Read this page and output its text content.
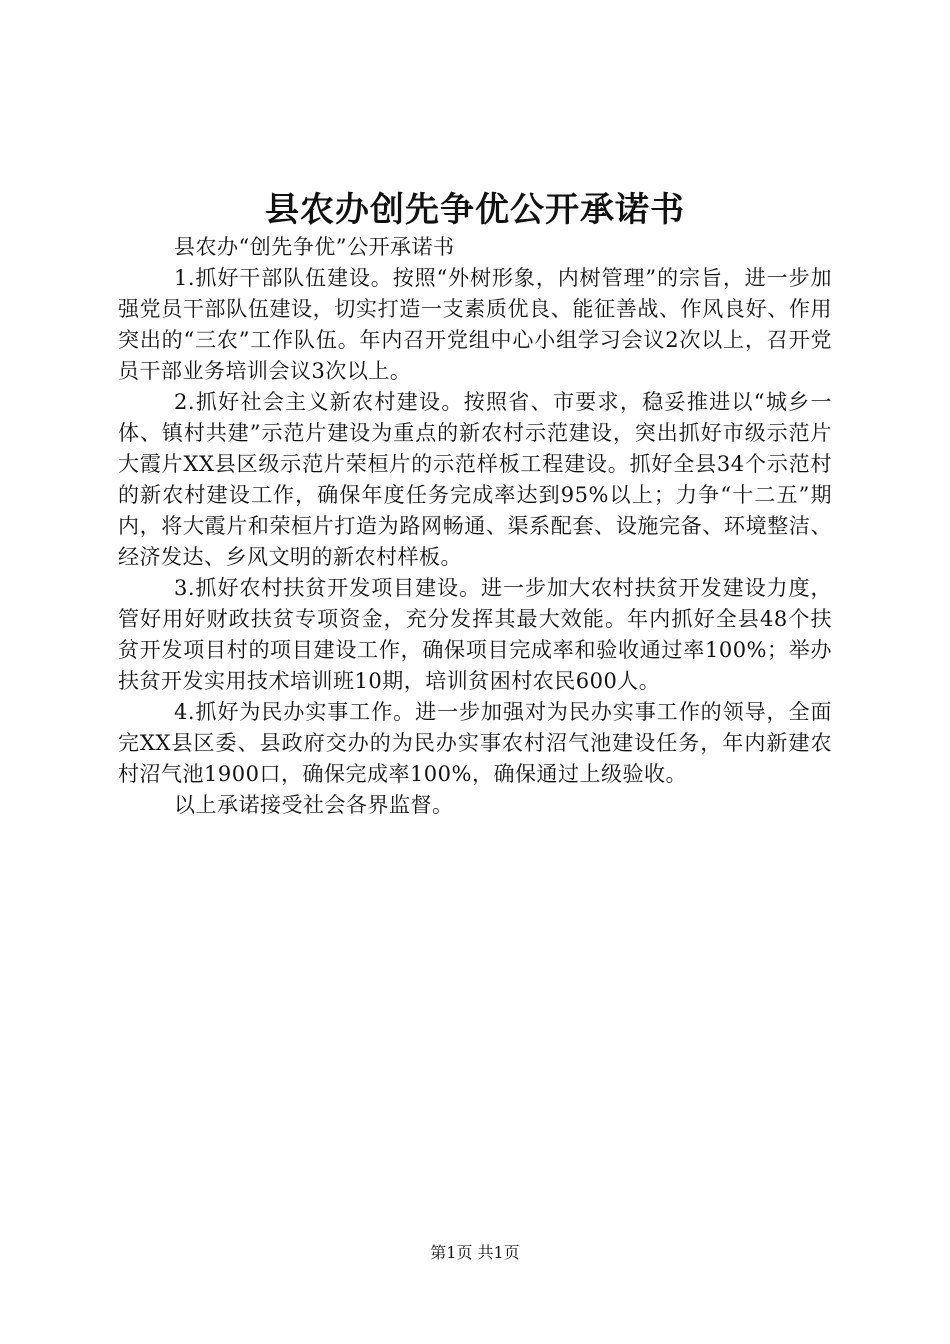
县农办创先争优公开承诺书

县农办“创先争优”公开承诺书

1.抓好干部队伍建设。按照“外树形象，内树管理”的宗旨，进一步加强党员干部队伍建设，切实打造一支素质优良、能征善战、作风良好、作用突出的“三农”工作队伍。年内召开党组中心小组学习会议2次以上，召开党员干部业务培训会议3次以上。

2.抓好社会主义新农村建设。按照省、市要求，稳妥推进以“城乡一体、镇村共建”示范片建设为重点的新农村示范建设，突出抓好市级示范片大霞片XX县区级示范片荣桓片的示范样板工程建设。抓好全县34个示范村的新农村建设工作，确保年度任务完成率达到95%以上；力争“十二五”期内，将大霞片和荣桓片打造为路网畅通、渠系配套、设施完备、环境整洁、经济发达、乡风文明的新农村样板。

3.抓好农村扶贫开发项目建设。进一步加大农村扶贫开发建设力度，管好用好财政扶贫专项资金，充分发挥其最大效能。年内抓好全县48个扶贫开发项目村的项目建设工作，确保项目完成率和验收通过率100%；举办扶贫开发实用技术培训班10期，培训贫困村农民600人。

4.抓好为民办实事工作。进一步加强对为民办实事工作的领导，全面完XX县区委、县政府交办的为民办实事农村沼气池建设任务，年内新建农村沼气池1900口，确保完成率100%，确保通过上级验收。

以上承诺接受社会各界监督。

第1页 共1页
